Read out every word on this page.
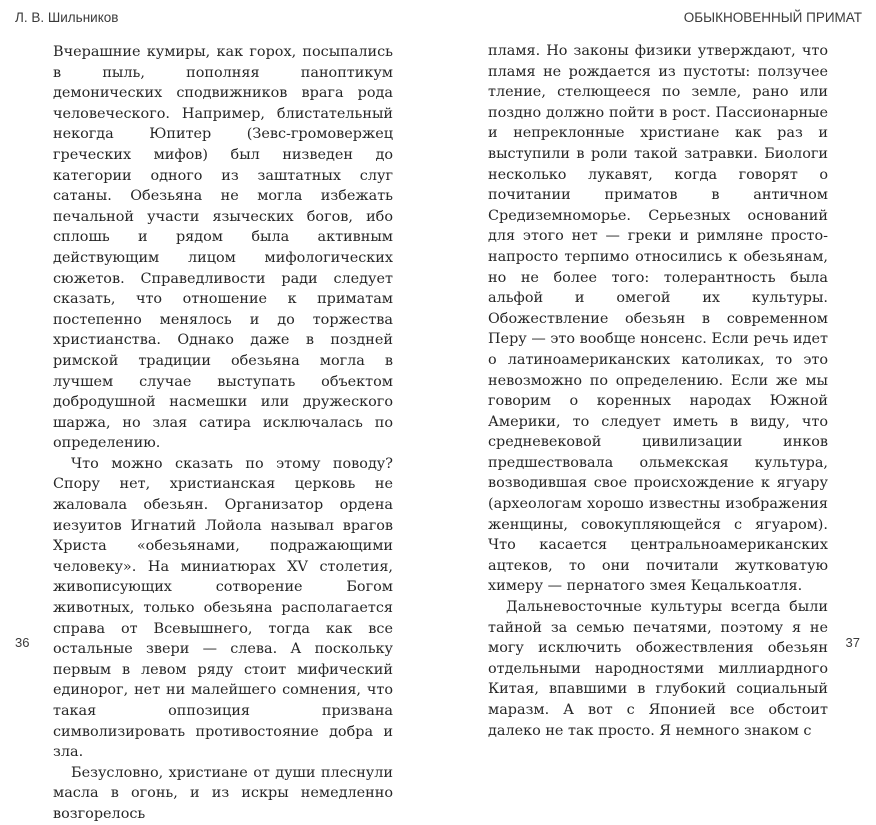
Л. В. Шильников

Вчерашние кумиры, как горох, посыпались в пыль, пополняя паноптикум демонических сподвижников врага рода человеческого. Например, блистательный некогда Юпитер (Зевс-громовержец греческих мифов) был низведен до категории одного из заштатных слуг сатаны. Обезьяна не могла избежать печальной участи языческих богов, ибо сплошь и рядом была активным действующим лицом мифологических сюжетов. Справедливости ради следует сказать, что отношение к приматам постепенно менялось и до торжества христианства. Однако даже в поздней римской традиции обезьяна могла в лучшем случае выступать объектом добродушной насмешки или дружеского шаржа, но злая сатира исключалась по определению.

Что можно сказать по этому поводу? Спору нет, христианская церковь не жаловала обезьян. Организатор ордена иезуитов Игнатий Лойола называл врагов Христа «обезьянами, подражающими человеку». На миниатюрах XV столетия, живописующих сотворение Богом животных, только обезьяна располагается справа от Всевышнего, тогда как все остальные звери — слева. А поскольку первым в левом ряду стоит мифический единорог, нет ни малейшего сомнения, что такая оппозиция призвана символизировать противостояние добра и зла.

Безусловно, христиане от души плеснули масла в огонь, и из искры немедленно возгорелось

36
ОБЫКНОВЕННЫЙ ПРИМАТ

пламя. Но законы физики утверждают, что пламя не рождается из пустоты: ползучее тление, стелющееся по земле, рано или поздно должно пойти в рост. Пассионарные и непреклонные христиане как раз и выступили в роли такой затравки. Биологи несколько лукавят, когда говорят о почитании приматов в античном Средиземноморье. Серьезных оснований для этого нет — греки и римляне просто-напросто терпимо относились к обезьянам, но не более того: толерантность была альфой и омегой их культуры. Обожествление обезьян в современном Перу — это вообще нонсенс. Если речь идет о латиноамериканских католиках, то это невозможно по определению. Если же мы говорим о коренных народах Южной Америки, то следует иметь в виду, что средневековой цивилизации инков предшествовала ольмекская культура, возводившая свое происхождение к ягуару (археологам хорошо известны изображения женщины, совокупляющейся с ягуаром). Что касается центральноамериканских ацтеков, то они почитали жутковатую химеру — пернатого змея Кецалькоатля.

Дальневосточные культуры всегда были тайной за семью печатями, поэтому я не могу исключить обожествления обезьян отдельными народностями миллиардного Китая, впавшими в глубокий социальный маразм. А вот с Японией все обстоит далеко не так просто. Я немного знаком с

37
